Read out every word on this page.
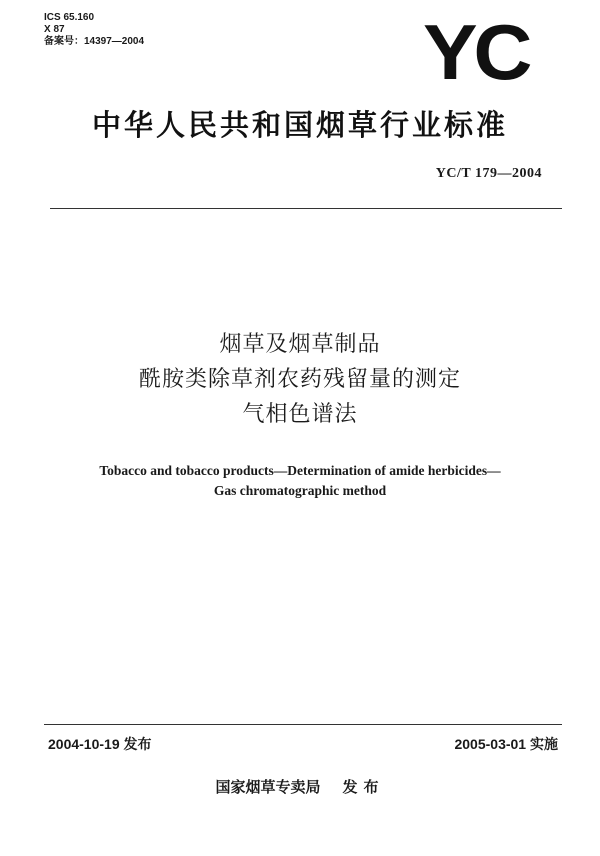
ICS 65.160
X 87
备案号：14397—2004	YC
中华人民共和国烟草行业标准
YC/T 179—2004
烟草及烟草制品
酰胺类除草剂农药残留量的测定
气相色谱法
Tobacco and tobacco products—Determination of amide herbicides—
Gas chromatographic method
2004-10-19 发布	2005-03-01 实施
国家烟草专卖局 发布
